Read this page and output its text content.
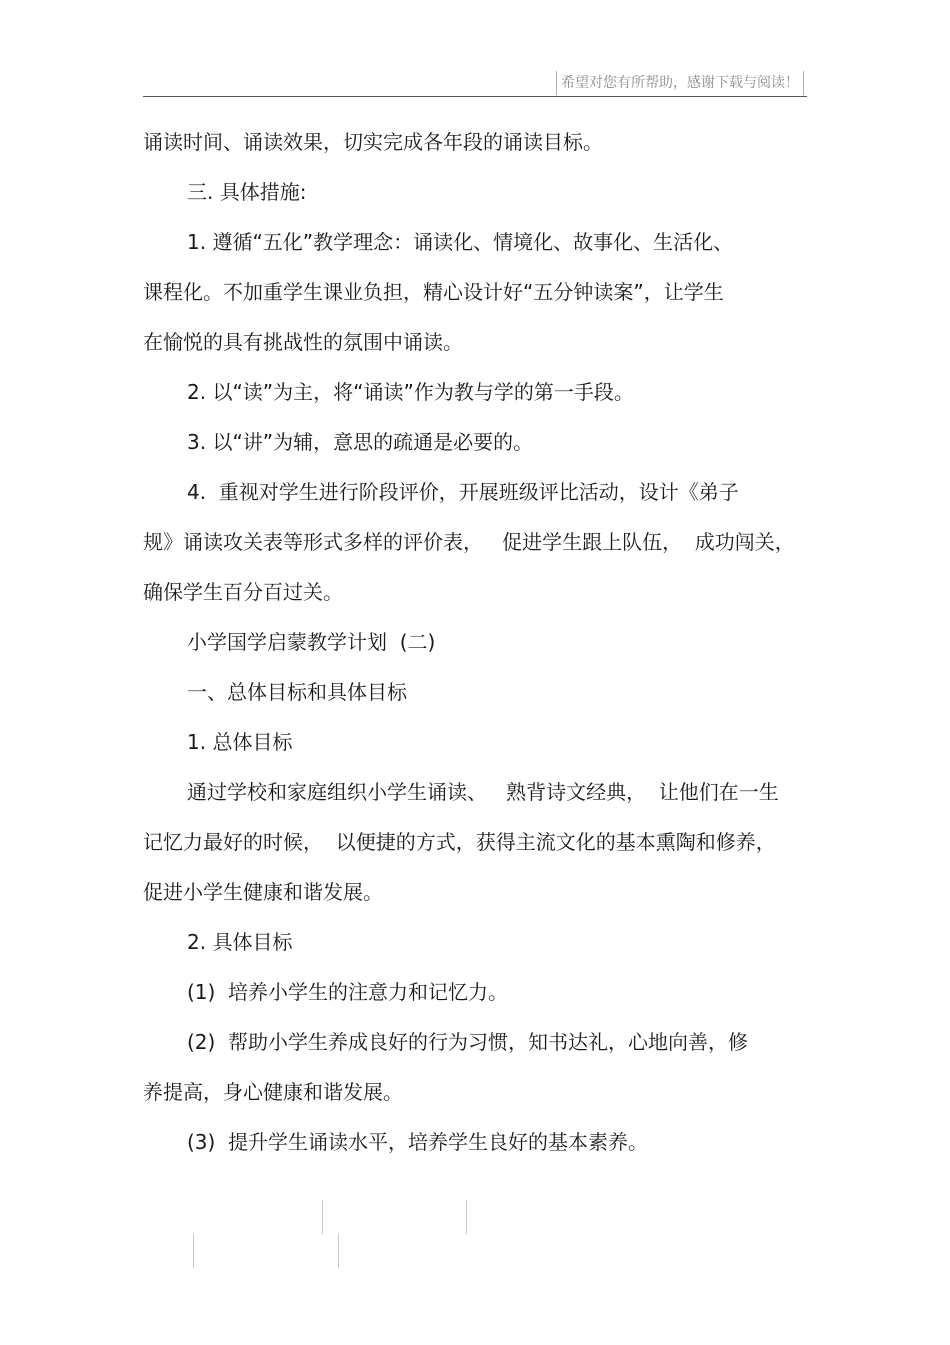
希望对您有所帮助，感谢下载与阅读！
诵读时间、诵读效果，切实完成各年段的诵读目标。
三. 具体措施:
1. 遵循“五化”教学理念：诵读化、情境化、故事化、生活化、
课程化。不加重学生课业负担，精心设计好“五分钟读案”，让学生
在愉悦的具有挑战性的氛围中诵读。
2. 以“读”为主，将“诵读”作为教与学的第一手段。
3. 以“讲”为辅，意思的疏通是必要的。
4.  重视对学生进行阶段评价，开展班级评比活动，设计《弟子
规》诵读攻关表等形式多样的评价表，   促进学生跟上队伍，  成功闯关，
确保学生百分百过关。
小学国学启蒙教学计划  (二)
一、总体目标和具体目标
1. 总体目标
通过学校和家庭组织小学生诵读、   熟背诗文经典，  让他们在一生
记忆力最好的时候，  以便捷的方式，获得主流文化的基本熏陶和修养，
促进小学生健康和谐发展。
2. 具体目标
(1)  培养小学生的注意力和记忆力。
(2)  帮助小学生养成良好的行为习惯，知书达礼，心地向善，修
养提高，身心健康和谐发展。
(3)  提升学生诵读水平，培养学生良好的基本素养。
